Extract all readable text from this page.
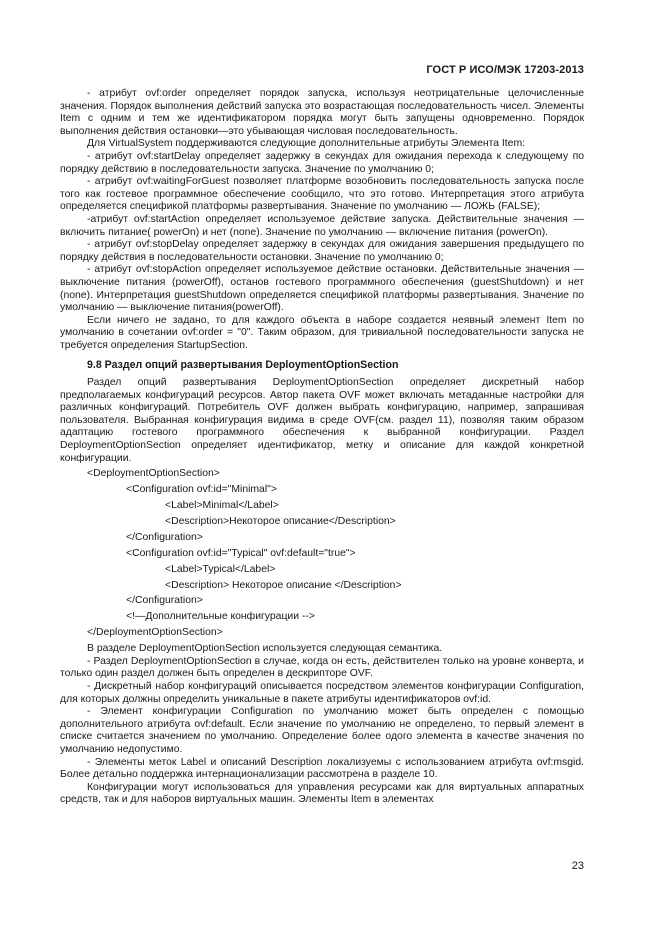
ГОСТ Р ИСО/МЭК 17203-2013

- атрибут ovf:order определяет порядок запуска, используя неотрицательные целочисленные значения. Порядок выполнения действий запуска это возрастающая последовательность чисел. Элементы Item с одним и тем же идентификатором порядка могут быть запущены одновременно. Порядок выполнения действия остановки—это убывающая числовая последовательность.

Для VirtualSystem поддерживаются следующие дополнительные атрибуты Элемента Item:

- атрибут ovf:startDelay определяет задержку в секундах для ожидания перехода к следующему по порядку действию в последовательности запуска. Значение по умолчанию 0;

- атрибут ovf:waitingForGuest позволяет платформе возобновить последовательность запуска после того как гостевое программное обеспечение сообщило, что это готово. Интерпретация этого атрибута определяется спецификой платформы развертывания. Значение по умолчанию — ЛОЖЬ (FALSE);

-атрибут ovf:startAction определяет используемое действие запуска. Действительные значения — включить питание( powerOn) и нет (none). Значение по умолчанию — включение питания (powerOn).

- атрибут ovf:stopDelay определяет задержку в секундах для ожидания завершения предыдущего по порядку действия в последовательности остановки. Значение по умолчанию 0;

- атрибут ovf:stopAction определяет используемое действие остановки. Действительные значения — выключение питания (powerOff), останов гостевого программного обеспечения (guestShutdown) и нет (none). Интерпретация guestShutdown определяется спецификой платформы развертывания. Значение по умолчанию — выключение питания(powerOff).

Если ничего не задано, то для каждого объекта в наборе создается неявный элемент Item по умолчанию в сочетании ovf:order = "0". Таким образом, для тривиальной последовательности запуска не требуется определения StartupSection.

9.8 Раздел опций развертывания DeploymentOptionSection

Раздел опций развертывания DeploymentOptionSection определяет дискретный набор предполагаемых конфигураций ресурсов. Автор пакета OVF может включать метаданные настройки для различных конфигураций. Потребитель OVF должен выбрать конфигурацию, например, запрашивая пользователя. Выбранная конфигурация видима в среде OVF(см. раздел 11), позволяя таким образом адаптацию гостевого программного обеспечения к выбранной конфигурации. Раздел DeploymentOptionSection определяет идентификатор, метку и описание для каждой конкретной конфигурации.

<DeploymentOptionSection>

<Configuration ovf:id="Minimal">

<Label>Minimal</Label>

<Description>Некоторое описание</Description>

</Configuration>

<Configuration ovf:id="Typical" ovf:default="true">

<Label>Typical</Label>

<Description> Некоторое описание </Description>

</Configuration>

<!—Дополнительные конфигурации -->

</DeploymentOptionSection>

В разделе DeploymentOptionSection используется следующая семантика.

- Раздел DeploymentOptionSection в случае, когда он есть, действителен только на уровне конверта, и только один раздел должен быть определен в дескрипторе OVF.

- Дискретный набор конфигураций описывается посредством элементов конфигурации Configuration, для которых должны определить уникальные в пакете атрибуты идентификаторов ovf:id.

- Элемент конфигурации Configuration по умолчанию может быть определен с помощью дополнительного атрибута ovf:default. Если значение по умолчанию не определено, то первый элемент в списке считается значением по умолчанию. Определение более одого элемента в качестве значения по умолчанию недопустимо.

- Элементы меток Label и описаний Description локализуемы с использованием атрибута ovf:msgid. Более детально поддержка интернационализации рассмотрена в разделе 10.

Конфигурации могут использоваться для управления ресурсами как для виртуальных аппаратных средств, так и для наборов виртуальных машин. Элементы Item в элементах

23
